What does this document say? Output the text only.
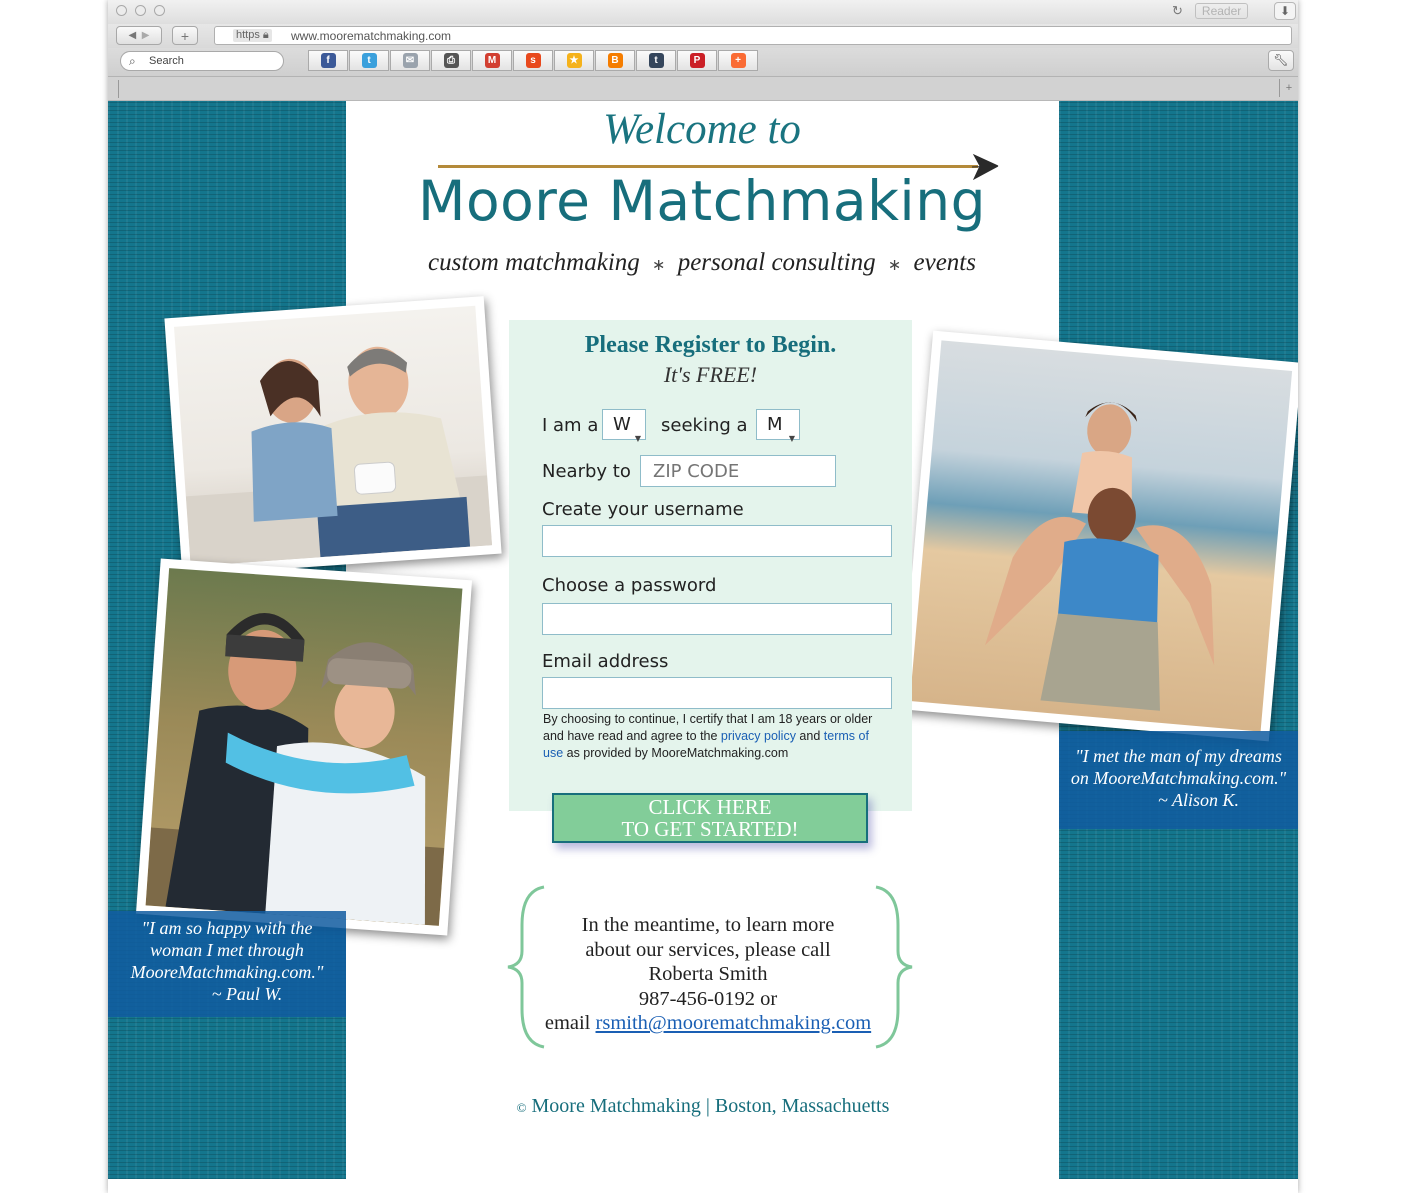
↻	Reader	⬇
◀
▶ +	https 🔒︎ www.moorematchmaking.com
⌕ Search	f	t	✉	⎙	M	s	★	B	t	P	+	🔧︎
+
Welcome to
Moore Matchmaking
custom matchmaking ∗ personal consulting ∗ events
"I am so happy with the
woman I met through
MooreMatchmaking.com."
~ Paul W.
"I met the man of my dreams
on MooreMatchmaking.com."
~ Alison K.
Please Register to Begin.
It's FREE!
I am a W
▼
seeking a	M
▼
Nearby to
ZIP CODE
Create your username
Choose a password
Email address
By choosing to continue, I certify that I am 18 years or older and have read and agree to the privacy policy and terms of use as provided by MooreMatchmaking.com
CLICK HERE
TO GET STARTED!
In the meantime, to learn more
about our services, please call
Roberta Smith
987-456-0192 or
email rsmith@moorematchmaking.com
© Moore Matchmaking | Boston, Massachuetts
